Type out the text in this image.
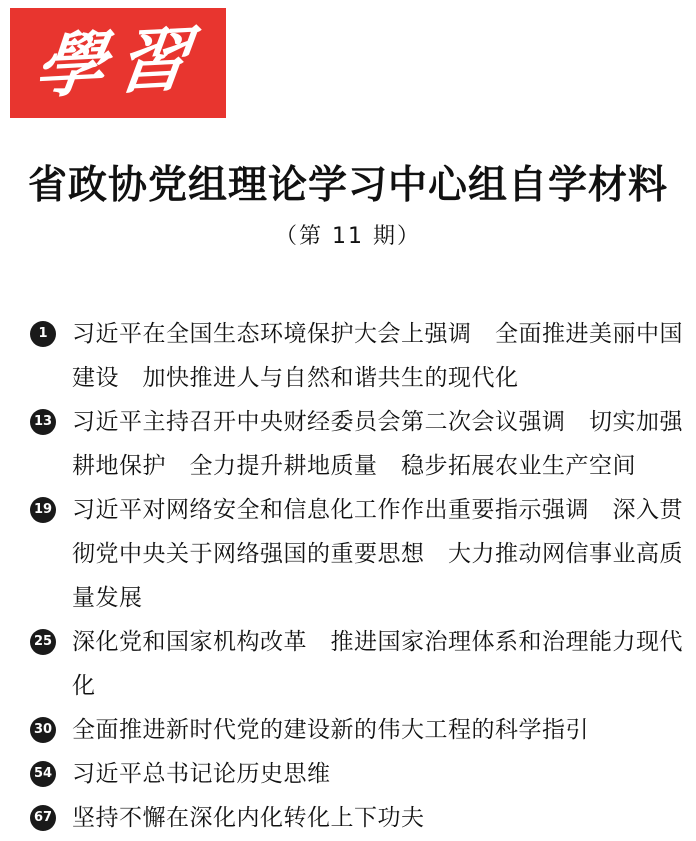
學習
省政协党组理论学习中心组自学材料
（第 11 期）
1	习近平在全国生态环境保护大会上强调　全面推进美丽中国建设　加快推进人与自然和谐共生的现代化
13 习近平主持召开中央财经委员会第二次会议强调　切实加强耕地保护　全力提升耕地质量　稳步拓展农业生产空间
19 习近平对网络安全和信息化工作作出重要指示强调　深入贯彻党中央关于网络强国的重要思想　大力推动网信事业高质量发展
25 深化党和国家机构改革　推进国家治理体系和治理能力现代化
30 全面推进新时代党的建设新的伟大工程的科学指引
54 习近平总书记论历史思维
67 坚持不懈在深化内化转化上下功夫
